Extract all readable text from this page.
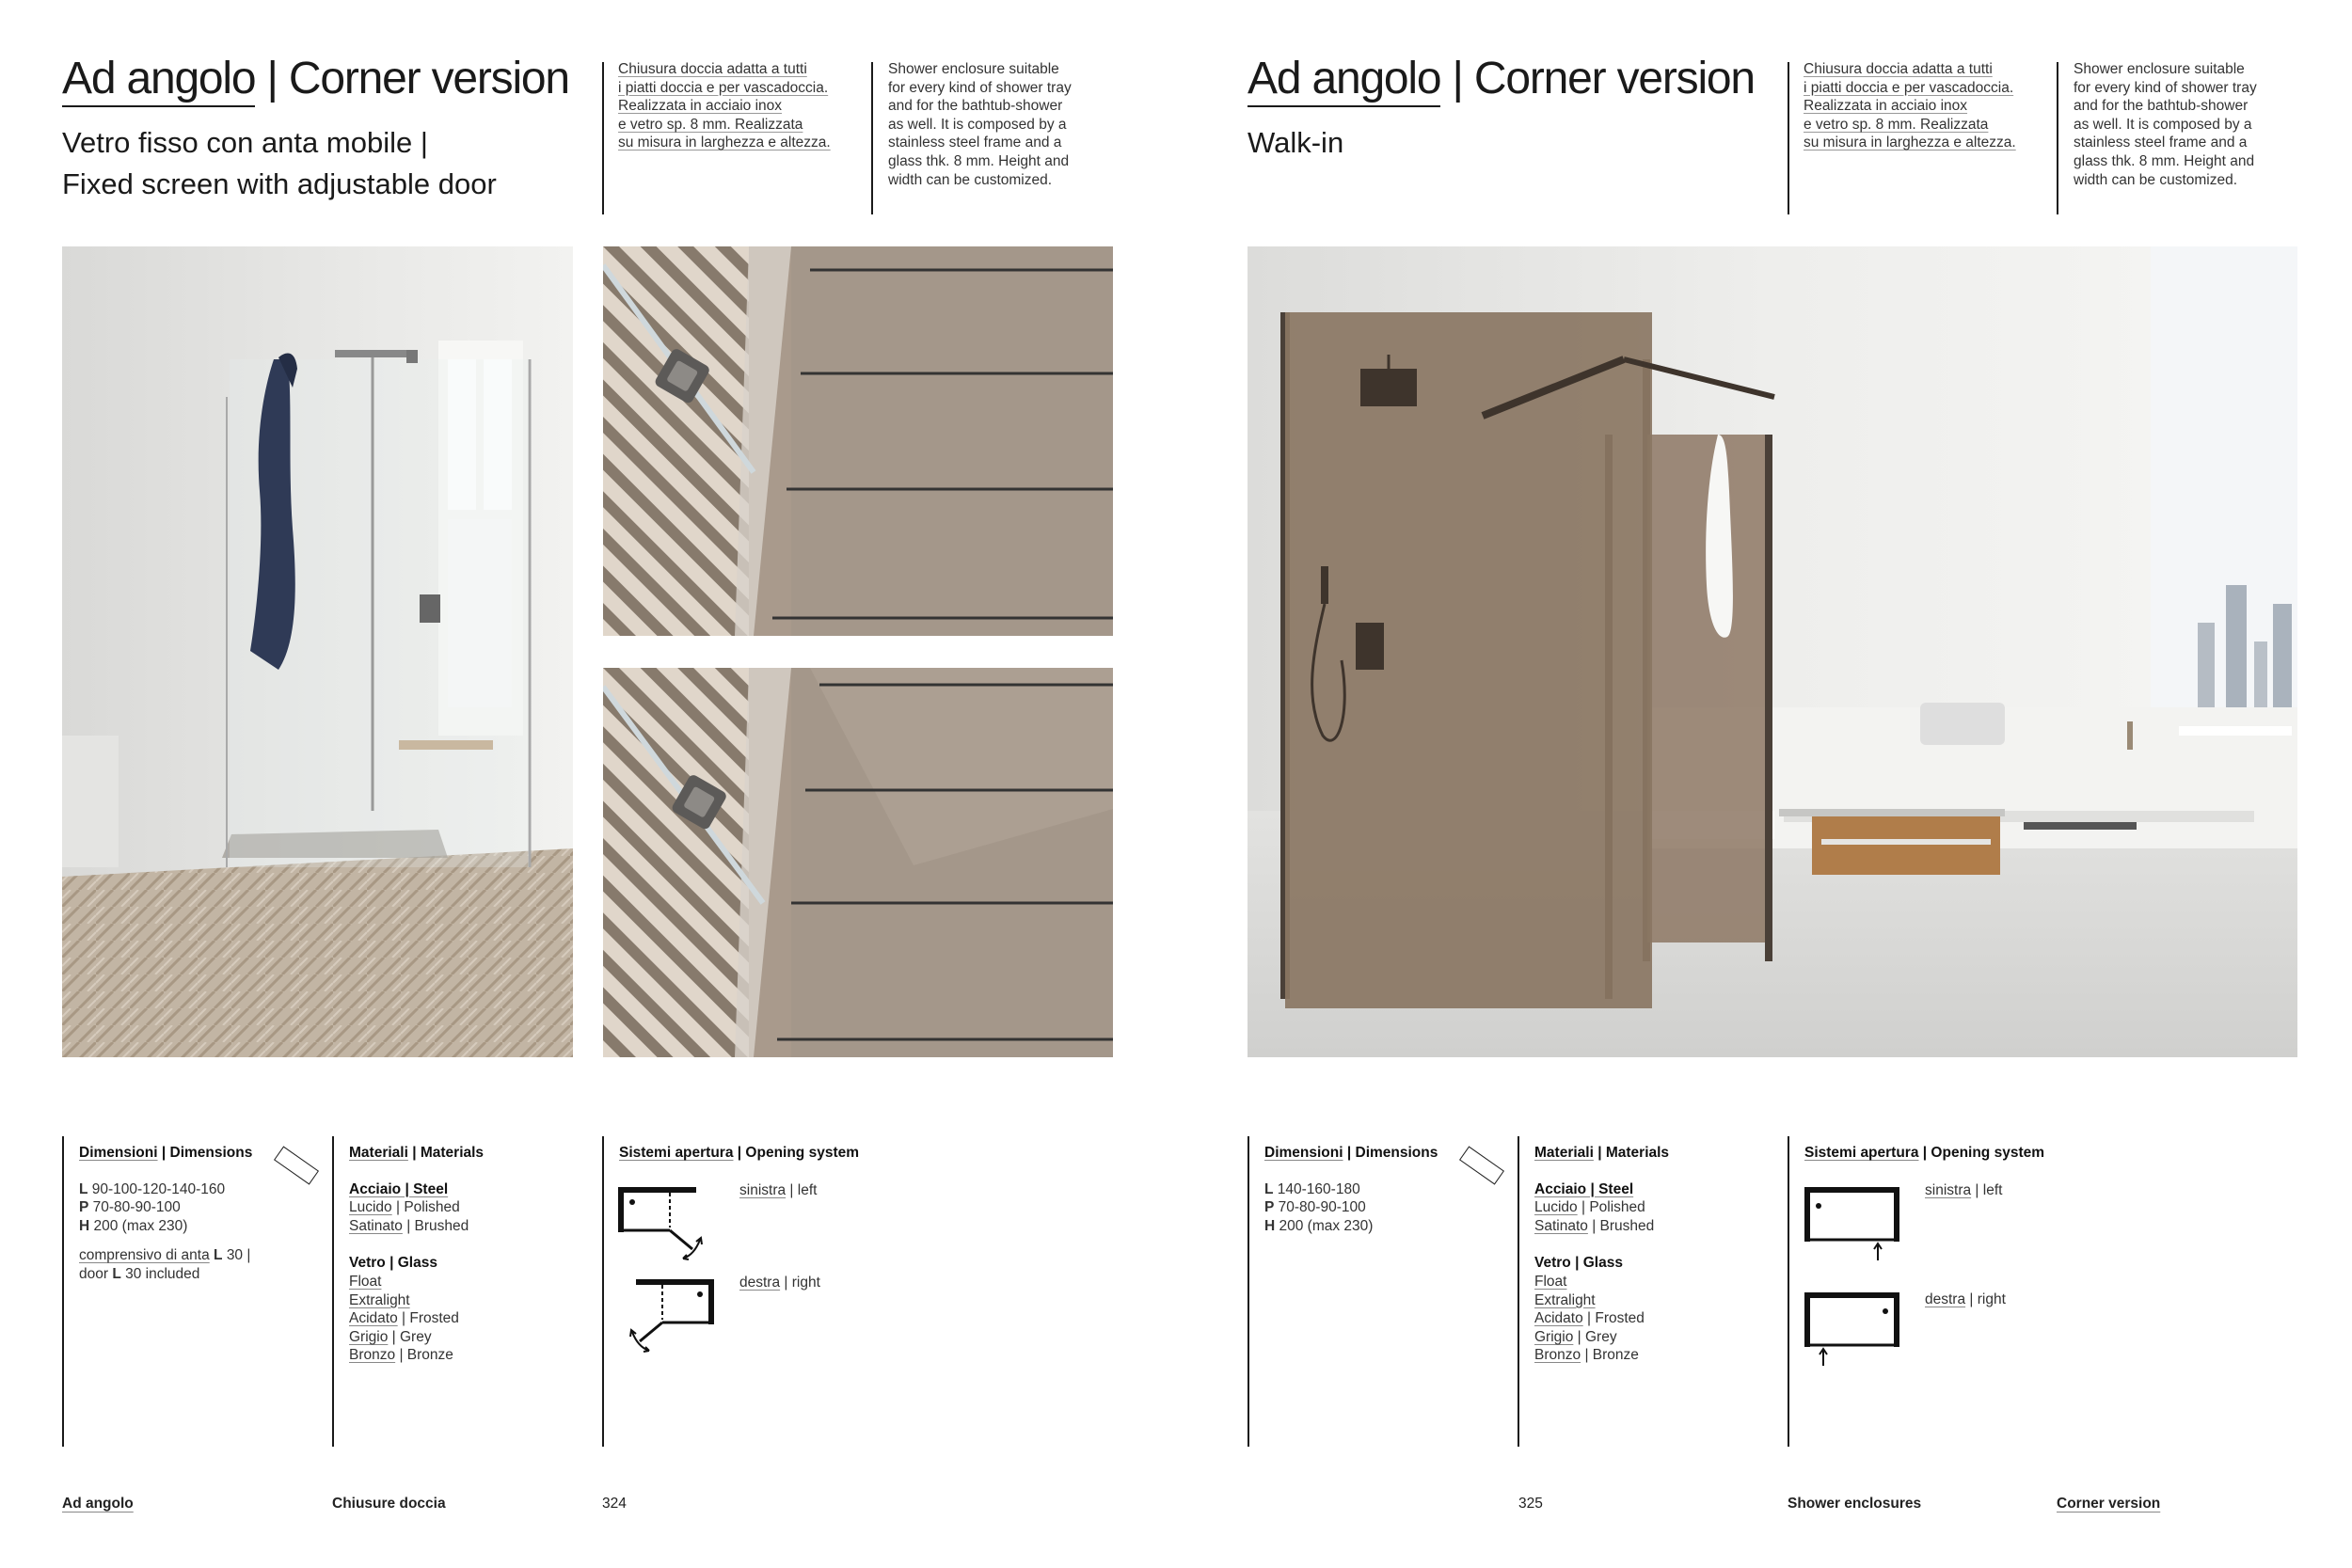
Ad angolo | Corner version
Vetro fisso con anta mobile |
Fixed screen with adjustable door
Chiusura doccia adatta a tutti
i piatti doccia e per vascadoccia.
Realizzata in acciaio inox
e vetro sp. 8 mm. Realizzata
su misura in larghezza e altezza.
Shower enclosure suitable
for every kind of shower tray
and for the bathtub-shower
as well. It is composed by a
stainless steel frame and a
glass thk. 8 mm. Height and
width can be customized.

Dimensioni | Dimensions

L 90-100-120-140-160

P 70-80-90-100

H 200 (max 230)

comprensivo di anta L 30 |

door L 30 included

Materiali | Materials

Acciaio | Steel

Lucido | Polished

Satinato | Brushed

Vetro | Glass

Float

Extralight

Acidato | Frosted

Grigio | Grey

Bronzo | Bronze

Sistemi apertura | Opening system

sinistra | left
destra | right
Ad angolo	Chiusure doccia	324
Ad angolo | Corner version
Walk-in
Chiusura doccia adatta a tutti
i piatti doccia e per vascadoccia.
Realizzata in acciaio inox
e vetro sp. 8 mm. Realizzata
su misura in larghezza e altezza.
Shower enclosure suitable
for every kind of shower tray
and for the bathtub-shower
as well. It is composed by a
stainless steel frame and a
glass thk. 8 mm. Height and
width can be customized.

Dimensioni | Dimensions

L 140-160-180

P 70-80-90-100

H 200 (max 230)

Materiali | Materials

Acciaio | Steel

Lucido | Polished

Satinato | Brushed

Vetro | Glass

Float

Extralight

Acidato | Frosted

Grigio | Grey

Bronzo | Bronze

Sistemi apertura | Opening system

sinistra | left
destra | right
325	Shower enclosures	Corner version
